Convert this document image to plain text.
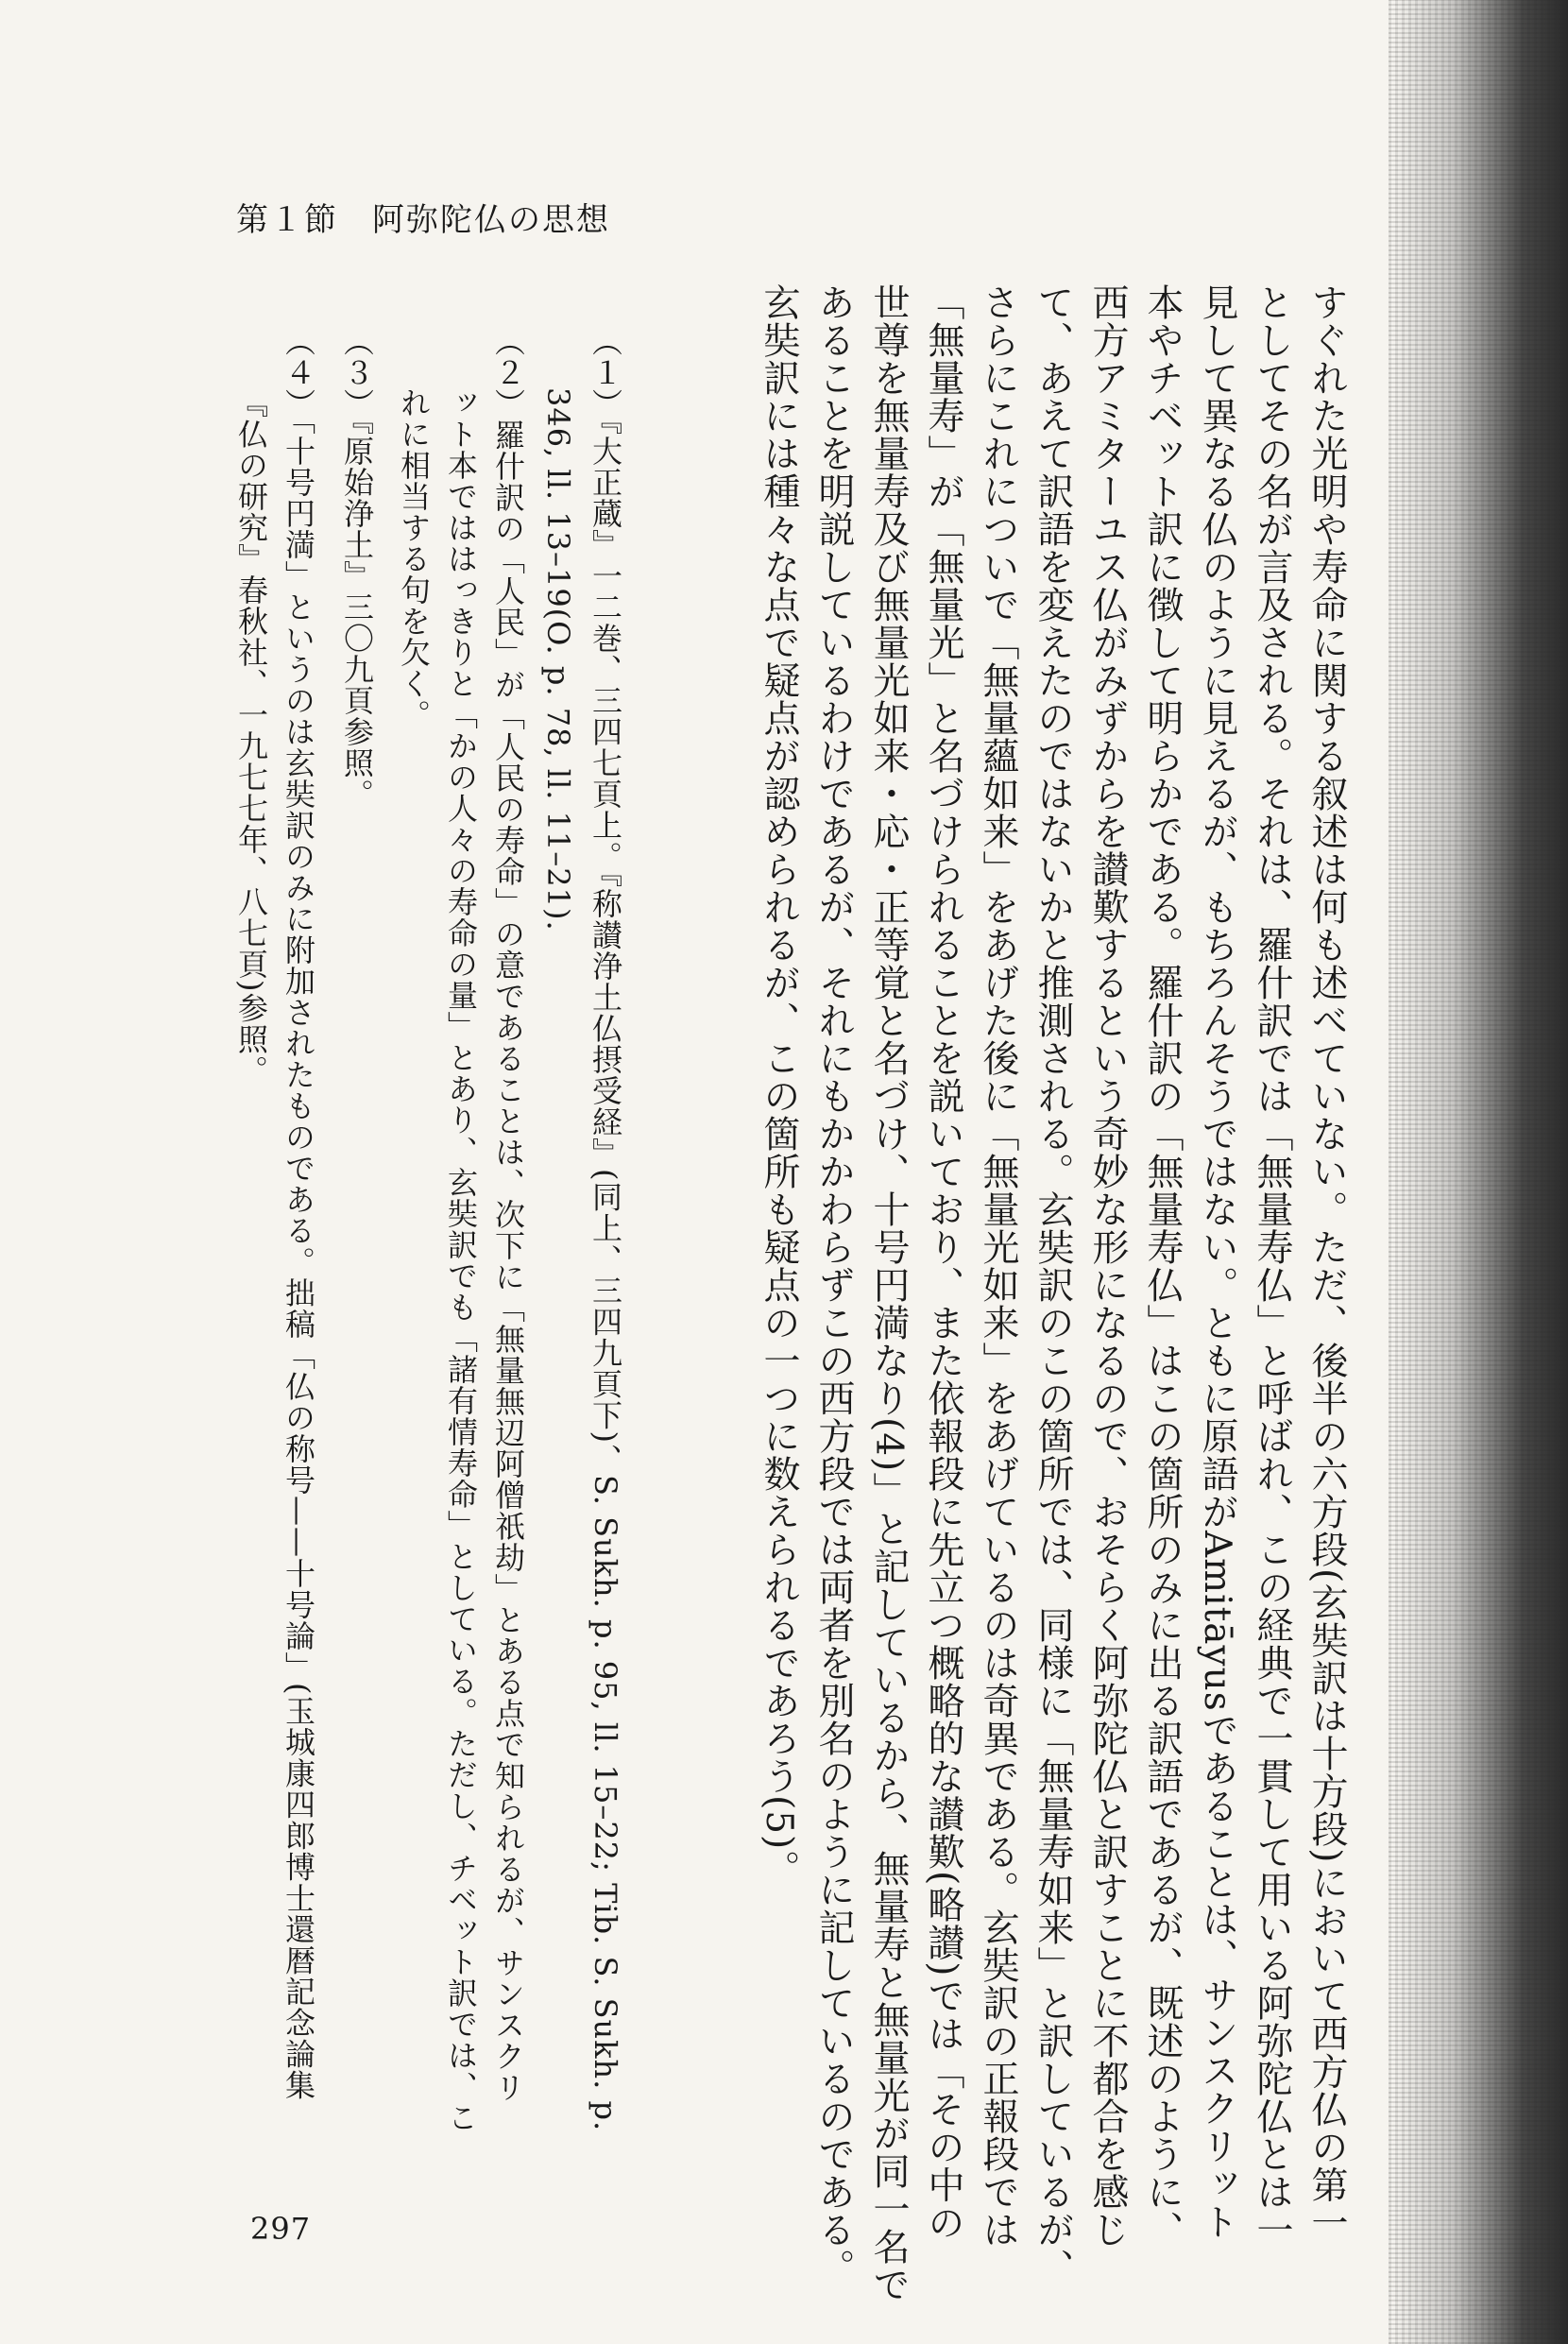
第１節　阿弥陀仏の思想
すぐれた光明や寿命に関する叙述は何も述べていない。ただ、後半の六方段(玄奘訳は十方段)において西方仏の第一
としてその名が言及される。それは、羅什訳では「無量寿仏」と呼ばれ、この経典で一貫して用いる阿弥陀仏とは一
見して異なる仏のように見えるが、もちろんそうではない。ともに原語がAmitāyusであることは、サンスクリット
本やチベット訳に徴して明らかである。羅什訳の「無量寿仏」はこの箇所のみに出る訳語であるが、既述のように、
西方アミターユス仏がみずからを讃歎するという奇妙な形になるので、おそらく阿弥陀仏と訳すことに不都合を感じ
て、あえて訳語を変えたのではないかと推測される。玄奘訳のこの箇所では、同様に「無量寿如来」と訳しているが、
さらにこれについで「無量蘊如来」をあげた後に「無量光如来」をあげているのは奇異である。玄奘訳の正報段では
「無量寿」が「無量光」と名づけられることを説いており、また依報段に先立つ概略的な讃歎(略讃)では「その中の
世尊を無量寿及び無量光如来・応・正等覚と名づけ、十号円満なり(4)」と記しているから、無量寿と無量光が同一名で
あることを明説しているわけであるが、それにもかかわらずこの西方段では両者を別名のように記しているのである。
玄奘訳には種々な点で疑点が認められるが、この箇所も疑点の一つに数えられるであろう(5)。
（１）『大正蔵』一二巻、三四七頁上。『称讃浄土仏摂受経』(同上、三四九頁下)、S. Sukh. p. 95, ll. 15–22; Tib. S. Sukh. p.
346, ll. 13–19(O. p. 78, ll. 11–21).
（２）羅什訳の「人民」が「人民の寿命」の意であることは、次下に「無量無辺阿僧祇劫」とある点で知られるが、サンスクリ
ット本でははっきりと「かの人々の寿命の量」とあり、玄奘訳でも「諸有情寿命」としている。ただし、チベット訳では、こ
れに相当する句を欠く。
（３）『原始浄土』三〇九頁参照。
（４）「十号円満」というのは玄奘訳のみに附加されたものである。拙稿「仏の称号——十号論」(玉城康四郎博士還暦記念論集
『仏の研究』春秋社、一九七七年、八七頁)参照。
297
